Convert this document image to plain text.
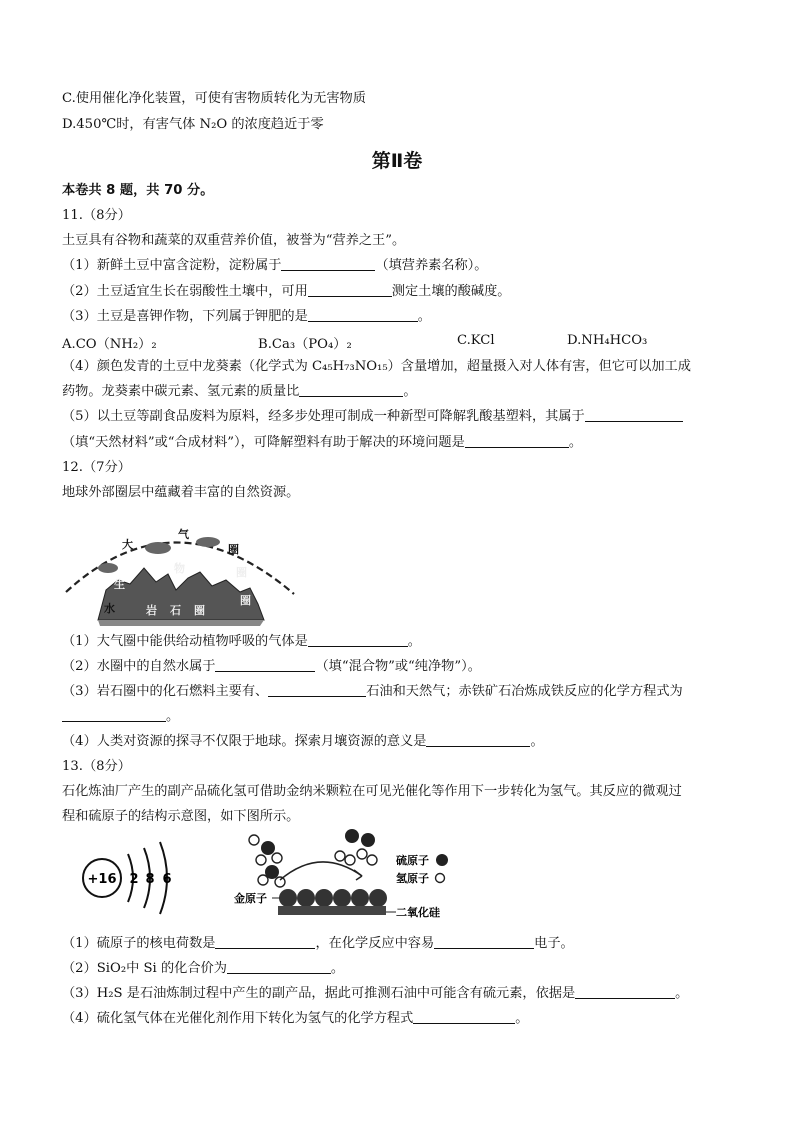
C.使用催化净化装置，可使有害物质转化为无害物质
D.450℃时，有害气体 N₂O 的浓度趋近于零
第Ⅱ卷
本卷共 8 题，共 70 分。
11.（8分）
土豆具有谷物和蔬菜的双重营养价值，被誉为“营养之王”。
（1）新鲜土豆中富含淀粉，淀粉属于	（填营养素名称）。
（2）土豆适宜生长在弱酸性土壤中，可用	测定土壤的酸碱度。
（3）土豆是喜钾作物，下列属于钾肥的是	。
A.CO（NH₂）₂	B.Ca₃（PO₄）₂	C.KCl	D.NH₄HCO₃
（4）颜色发青的土豆中龙葵素（化学式为 C₄₅H₇₃NO₁₅）含量增加，超量摄入对人体有害，但它可以加工成
药物。龙葵素中碳元素、氢元素的质量比	。
（5）以土豆等副食品废料为原料，经多步处理可制成一种新型可降解乳酸基塑料，其属于
（填“天然材料”或“合成材料”），可降解塑料有助于解决的环境问题是	。
12.（7分）
地球外部圈层中蕴藏着丰富的自然资源。
大
气
圈
物	圈
生
水	岩 石 圈
圈
（1）大气圈中能供给动植物呼吸的气体是	。
（2）水圈中的自然水属于	（填“混合物”或“纯净物”）。
（3）岩石圈中的化石燃料主要有、	石油和天然气；赤铁矿石冶炼成铁反应的化学方程式为
。
（4）人类对资源的探寻不仅限于地球。探索月壤资源的意义是	。
13.（8分）
石化炼油厂产生的副产品硫化氢可借助金纳米颗粒在可见光催化等作用下一步转化为氢气。其反应的微观过
程和硫原子的结构示意图，如下图所示。
+16 2 8 6
硫原子
氢原子
金原子
二氧化硅
（1）硫原子的核电荷数是	，在化学反应中容易	电子。
（2）SiO₂中 Si 的化合价为	。
（3）H₂S 是石油炼制过程中产生的副产品，据此可推测石油中可能含有硫元素，依据是	。
（4）硫化氢气体在光催化剂作用下转化为氢气的化学方程式	。
